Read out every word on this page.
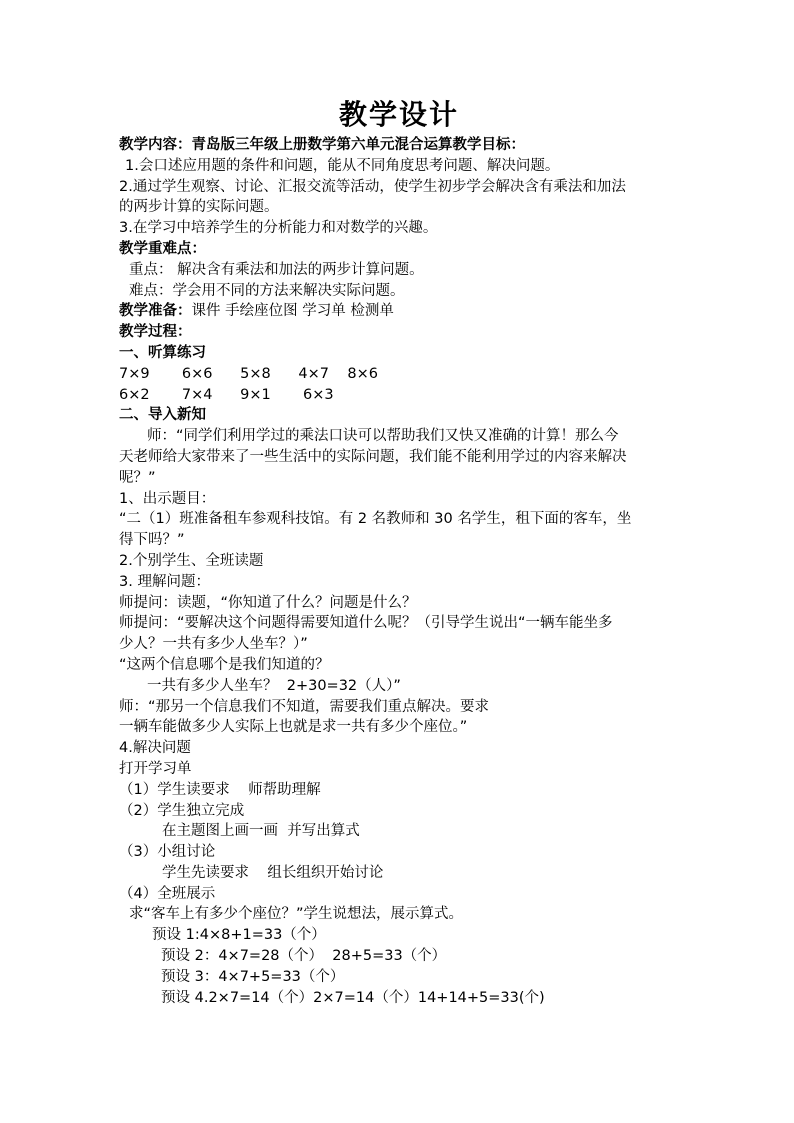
教学设计
教学内容：青岛版三年级上册数学第六单元混合运算教学目标：
1.会口述应用题的条件和问题，能从不同角度思考问题、解决问题。
2.通过学生观察、讨论、汇报交流等活动，使学生初步学会解决含有乘法和加法
的两步计算的实际问题。
3.在学习中培养学生的分析能力和对数学的兴趣。
教学重难点：
重点： 解决含有乘法和加法的两步计算问题。
难点：学会用不同的方法来解决实际问题。
教学准备：课件 手绘座位图 学习单 检测单
教学过程：
一、听算练习
7×9       6×6      5×8      4×7    8×6
6×2       7×4      9×1       6×3
二、导入新知
师：“同学们利用学过的乘法口诀可以帮助我们又快又准确的计算！那么今
天老师给大家带来了一些生活中的实际问题，我们能不能利用学过的内容来解决
呢？”
1、出示题目：
“二（1）班准备租车参观科技馆。有 2 名教师和 30 名学生，租下面的客车，坐
得下吗？”
2.个别学生、全班读题
3. 理解问题：
师提问：读题，“你知道了什么？问题是什么？
师提问：“要解决这个问题得需要知道什么呢？（引导学生说出“一辆车能坐多
少人？一共有多少人坐车？）”
“这两个信息哪个是我们知道的？
一共有多少人坐车？  2+30=32（人）”
师：“那另一个信息我们不知道，需要我们重点解决。要求
一辆车能做多少人实际上也就是求一共有多少个座位。”
4.解决问题
打开学习单
（1）学生读要求    师帮助理解
（2）学生独立完成
在主题图上画一画  并写出算式
（3）小组讨论
学生先读要求    组长组织开始讨论
（4）全班展示
求“客车上有多少个座位？”学生说想法，展示算式。
预设 1:4×8+1=33（个）
预设 2：4×7=28（个）  28+5=33（个）
预设 3：4×7+5=33（个）
预设 4.2×7=14（个）2×7=14（个）14+14+5=33(个)
